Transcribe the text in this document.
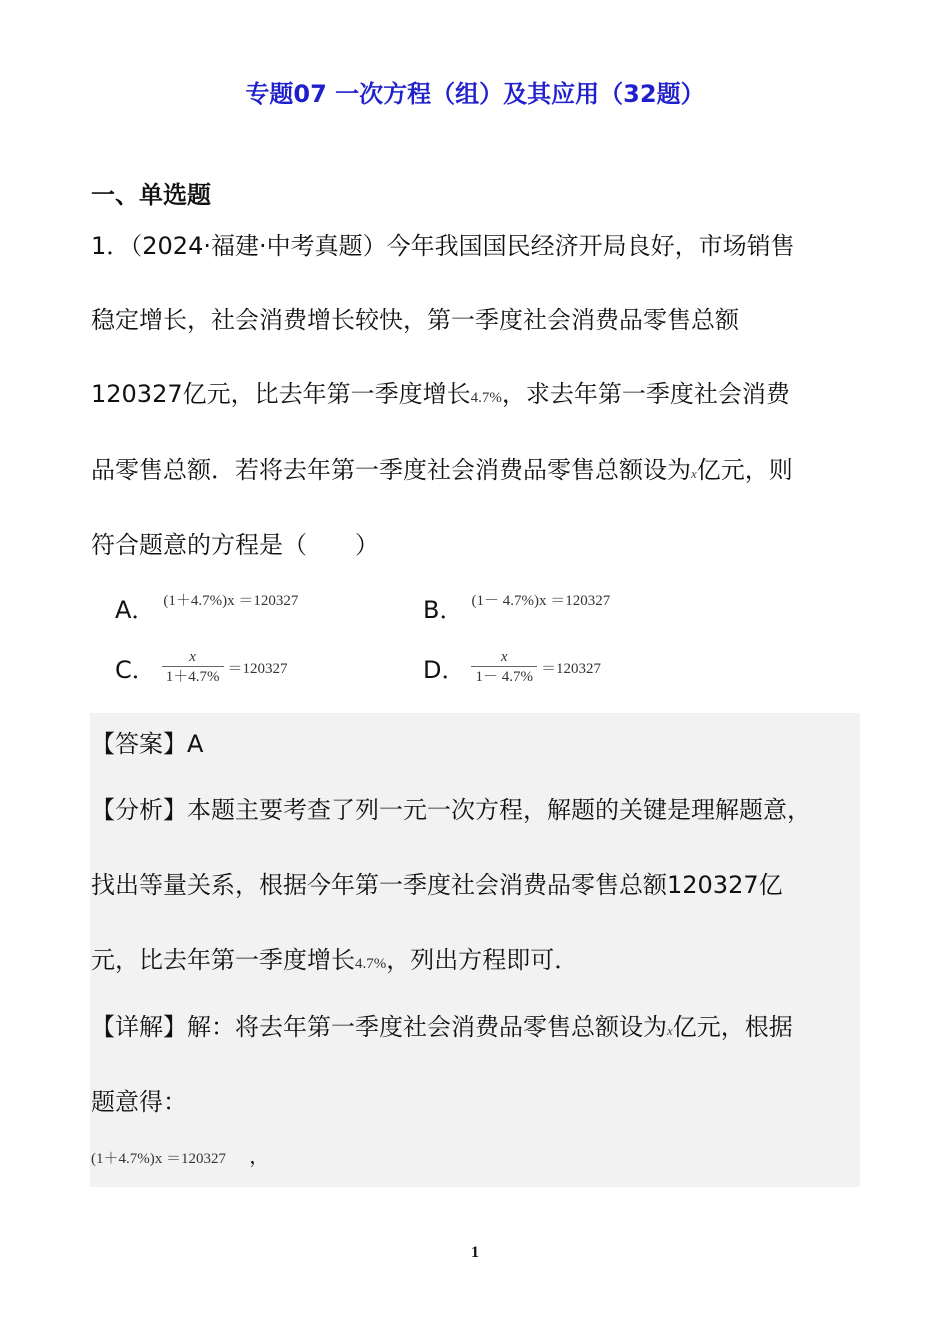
专题07 一次方程（组）及其应用（32题）
一、单选题
1．（2024·福建·中考真题）今年我国国民经济开局良好，市场销售
稳定增长，社会消费增长较快，第一季度社会消费品零售总额
120327亿元，比去年第一季度增长4.7%，求去年第一季度社会消费
品零售总额．若将去年第一季度社会消费品零售总额设为x亿元，则
符合题意的方程是（　　）
A． (1＋4.7%)x ＝120327	B． (1－ 4.7%)x ＝120327
C． $\frac{x}{1+4.7\%} =120327$	D． $\frac{x}{1- 4.7\%} =120327$
【答案】A
【分析】本题主要考查了列一元一次方程，解题的关键是理解题意，
找出等量关系，根据今年第一季度社会消费品零售总额120327亿
元，比去年第一季度增长4.7%，列出方程即可．
【详解】解：将去年第一季度社会消费品零售总额设为x亿元，根据
题意得：
(1＋4.7%)x ＝120327 ，
1
